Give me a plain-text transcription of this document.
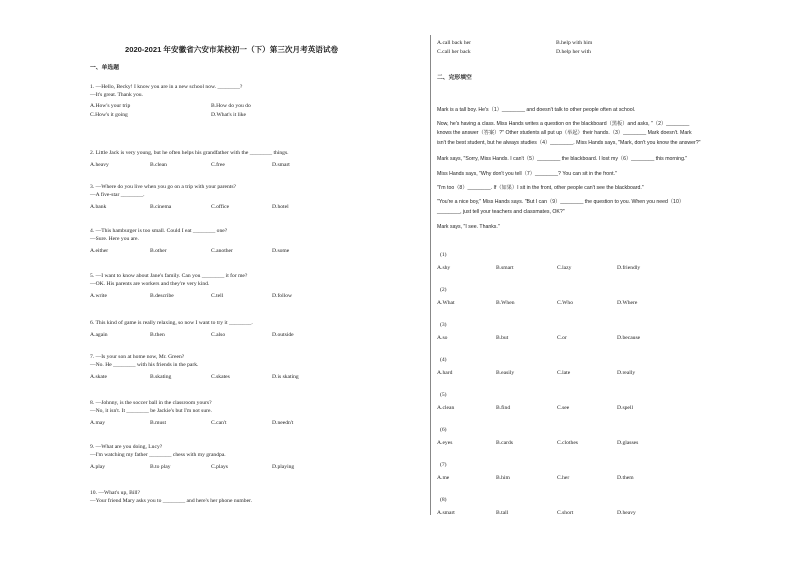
2020-2021 年安徽省六安市某校初一（下）第三次月考英语试卷
一、单选题
二、完形填空
1. —Hello, Becky! I know you are in a new school now. ________?
—It's great. Thank you.
A.How's your trip	B.How do you do
C.How's it going	D.What's it like
2. Little Jack is very young, but he often helps his grandfather with the ________ things.
A.heavy	B.clean	C.free	D.smart
3. —Where do you live when you go on a trip with your parents?
—A five-star ________.
A.bank	B.cinema	C.office	D.hotel
4. —This hamburger is too small. Could I eat ________ one?
—Sure. Here you are.
A.either	B.other	C.another	D.some
5. —I want to know about Jane's family. Can you ________ it for me?
—OK. His parents are workers and they're very kind.
A.write	B.describe	C.tell	D.follow
6. This kind of game is really relaxing, so now I want to try it ________.
A.again	B.then	C.also	D.outside
7. —Is your son at home now, Mr. Green?
—No. He ________ with his friends in the park.
A.skate	B.skating	C.skates	D.is skating
8. —Johnny, is the soccer ball in the classroom yours?
—No, it isn't. It ________ be Jackie's but I'm not sure.
A.may	B.must	C.can't	D.needn't
9. —What are you doing, Lucy?
—I'm watching my father ________ chess with my grandpa.
A.play	B.to play	C.plays	D.playing
10. —What's up, Bill?
—Your friend Mary asks you to ________ and here's her phone number.
A.call back her	B.help with him
C.call her back	D.help her with
Mark is a tall boy. He's（1）________ and doesn't talk to other people often at school.
Now, he's having a class. Miss Hands writes a question on the blackboard（黑板）and asks, "（2）________
knows the answer（答案）?" Other students all put up（举起）their hands.（3）________ Mark doesn't. Mark
isn't the best student, but he always studies（4）________. Miss Hands says, "Mark, don't you know the answer?"
Mark says, "Sorry, Miss Hands. I can't（5）________ the blackboard. I lost my（6）________ this morning."
Miss Hands says, "Why don't you tell（7）________? You can sit in the front."
"I'm too（8）________. If（如果）I sit in the front, other people can't see the blackboard."
"You're a nice boy," Miss Hands says. "But I can（9）________ the question to you. When you need（10）
________, just tell your teachers and classmates, OK?"
Mark says, "I see. Thanks."
(1)
A.shy	B.smart	C.lazy	D.friendly
(2)
A.What	B.When	C.Who	D.Where
(3)
A.so	B.but	C.or	D.because
(4)
A.hard	B.easily	C.late	D.really
(5)
A.clean	B.find	C.see	D.spell
(6)
A.eyes	B.cards	C.clothes	D.glasses
(7)
A.me	B.him	C.her	D.them
(8)
A.smart	B.tall	C.short	D.heavy
